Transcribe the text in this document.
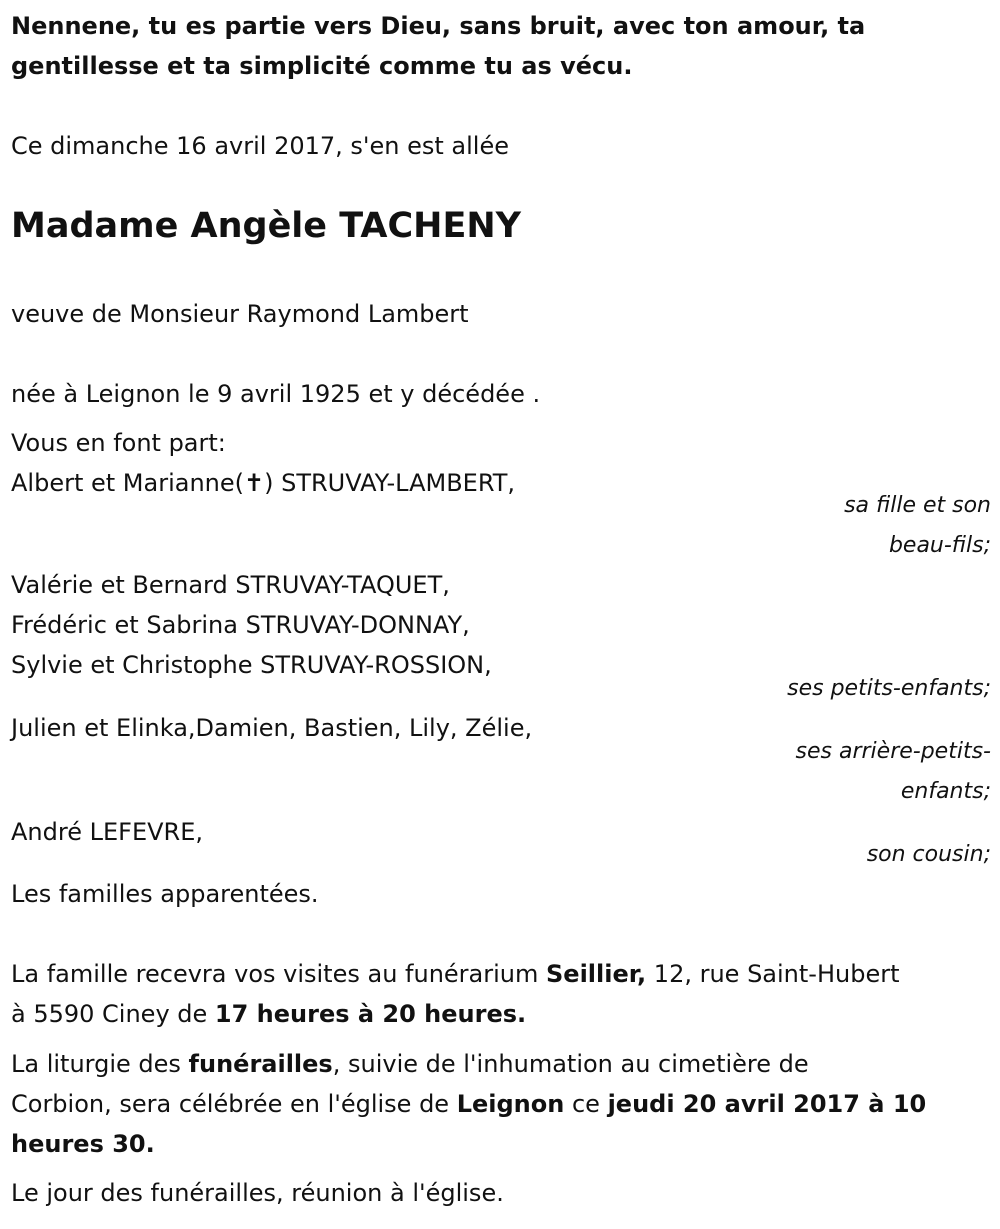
Nennene, tu es partie vers Dieu, sans bruit, avec ton amour, ta gentillesse et ta simplicité comme tu as vécu.

Ce dimanche 16 avril 2017, s'en est allée

Madame Angèle TACHENY

veuve de Monsieur Raymond Lambert

née à Leignon le 9 avril 1925 et y décédée .

Vous en font part:

Albert et Marianne(✝) STRUVAY-LAMBERT,

sa fille et son

beau-fils;

Valérie et Bernard STRUVAY-TAQUET,

Frédéric et Sabrina STRUVAY-DONNAY,

Sylvie et Christophe STRUVAY-ROSSION,

ses petits-enfants;

Julien et Elinka,Damien, Bastien, Lily, Zélie,

ses arrière-petits-

enfants;

André LEFEVRE,

son cousin;

Les familles apparentées.

La famille recevra vos visites au funérarium Seillier, 12, rue Saint-Hubert

à 5590 Ciney de 17 heures à 20 heures.

La liturgie des funérailles, suivie de l'inhumation au cimetière de

Corbion, sera célébrée en l'église de Leignon ce jeudi 20 avril 2017 à 10

heures 30.

Le jour des funérailles, réunion à l'église.
